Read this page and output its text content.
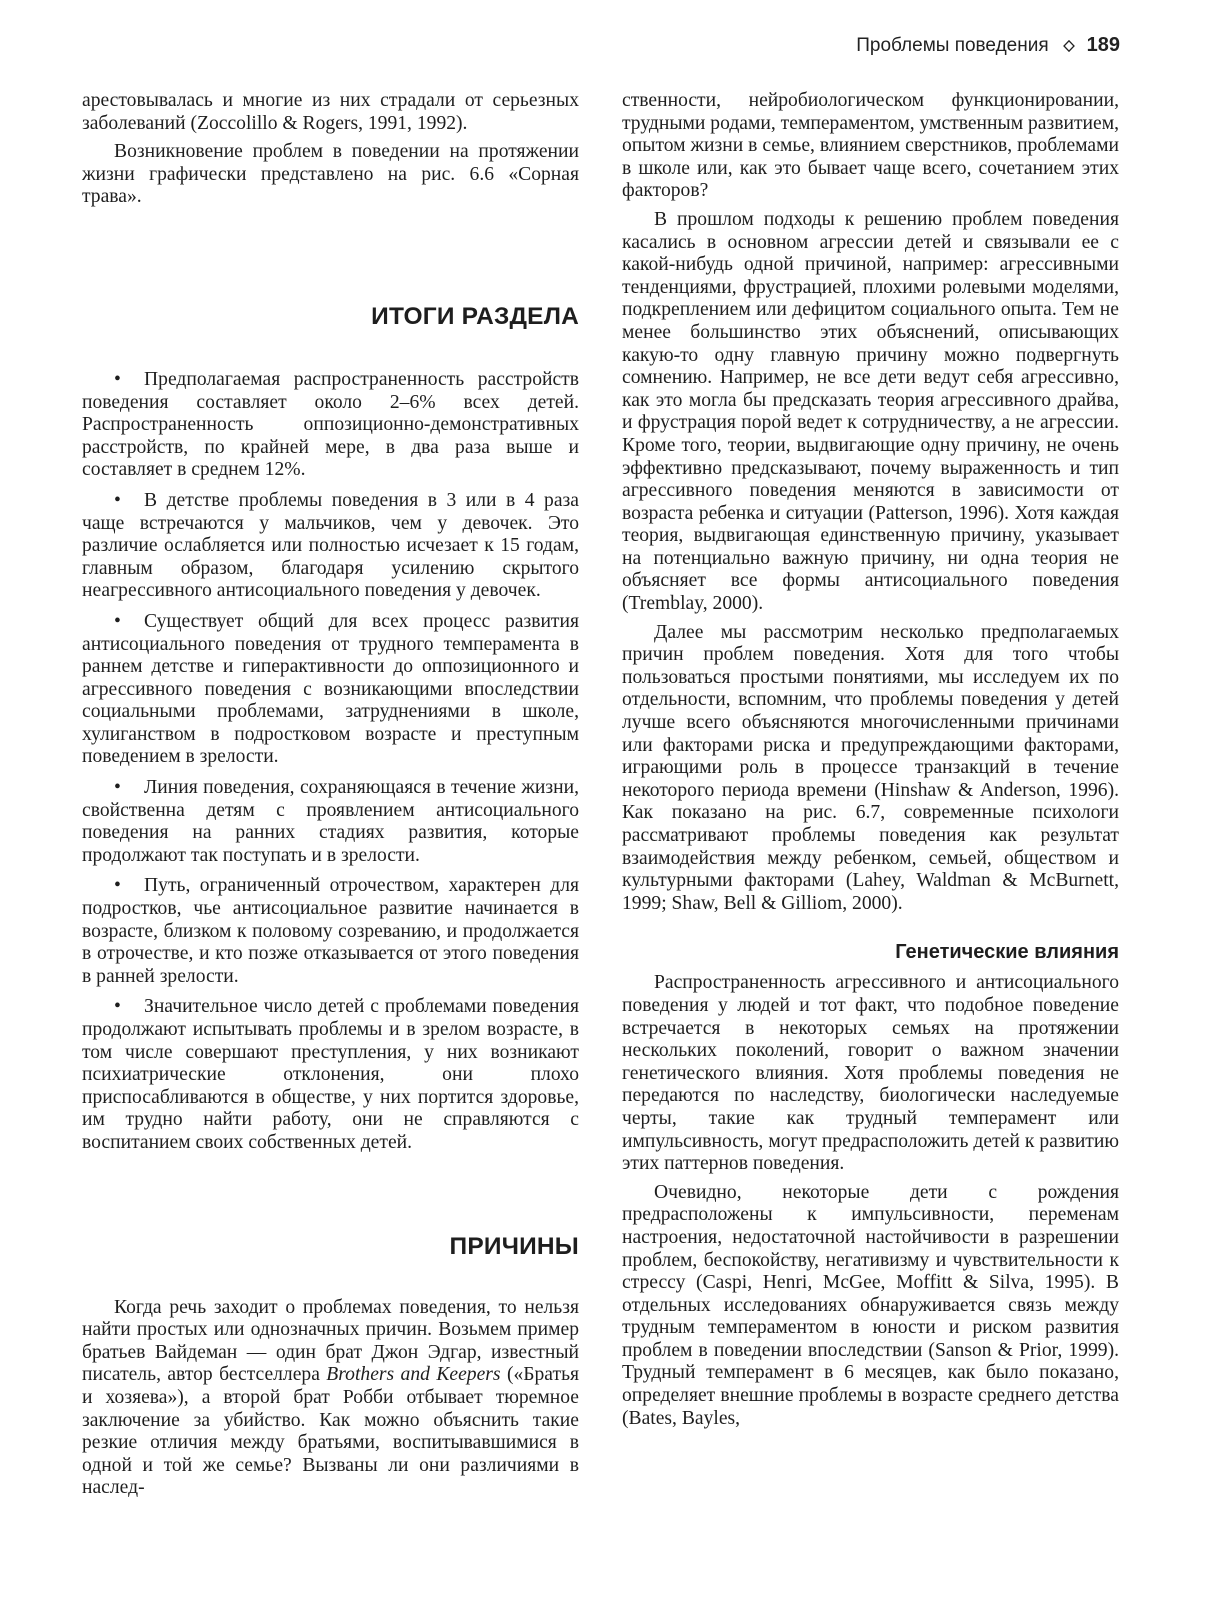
Проблемы поведения 189

арестовывалась и многие из них страдали от серьезных заболеваний (Zoccolillo & Rogers, 1991, 1992).

Возникновение проблем в поведении на протяжении жизни графически представлено на рис. 6.6 «Сорная трава».

ИТОГИ РАЗДЕЛА
• Предполагаемая распространенность расстройств поведения составляет около 2–6% всех детей. Распространенность оппозиционно-демонстративных расстройств, по крайней мере, в два раза выше и составляет в среднем 12%.
• В детстве проблемы поведения в 3 или в 4 раза чаще встречаются у мальчиков, чем у девочек. Это различие ослабляется или полностью исчезает к 15 годам, главным образом, благодаря усилению скрытого неагрессивного антисоциального поведения у девочек.
• Существует общий для всех процесс развития антисоциального поведения от трудного темперамента в раннем детстве и гиперактивности до оппозиционного и агрессивного поведения с возникающими впоследствии социальными проблемами, затруднениями в школе, хулиганством в подростковом возрасте и преступным поведением в зрелости.
• Линия поведения, сохраняющаяся в течение жизни, свойственна детям с проявлением антисоциального поведения на ранних стадиях развития, которые продолжают так поступать и в зрелости.
• Путь, ограниченный отрочеством, характерен для подростков, чье антисоциальное развитие начинается в возрасте, близком к половому созреванию, и продолжается в отрочестве, и кто позже отказывается от этого поведения в ранней зрелости.
• Значительное число детей с проблемами поведения продолжают испытывать проблемы и в зрелом возрасте, в том числе совершают преступления, у них возникают психиатрические отклонения, они плохо приспосабливаются в обществе, у них портится здоровье, им трудно найти работу, они не справляются с воспитанием своих собственных детей.
ПРИЧИНЫ

Когда речь заходит о проблемах поведения, то нельзя найти простых или однозначных причин. Возьмем пример братьев Вайдеман — один брат Джон Эдгар, известный писатель, автор бестселлера Brothers and Keepers («Братья и хозяева»), а второй брат Робби отбывает тюремное заключение за убийство. Как можно объяснить такие резкие отличия между братьями, воспитывавшимися в одной и той же семье? Вызваны ли они различиями в наслед-

ственности, нейробиологическом функционировании, трудными родами, темпераментом, умственным развитием, опытом жизни в семье, влиянием сверстников, проблемами в школе или, как это бывает чаще всего, сочетанием этих факторов?

В прошлом подходы к решению проблем поведения касались в основном агрессии детей и связывали ее с какой-нибудь одной причиной, например: агрессивными тенденциями, фрустрацией, плохими ролевыми моделями, подкреплением или дефицитом социального опыта. Тем не менее большинство этих объяснений, описывающих какую-то одну главную причину можно подвергнуть сомнению. Например, не все дети ведут себя агрессивно, как это могла бы предсказать теория агрессивного драйва, и фрустрация порой ведет к сотрудничеству, а не агрессии. Кроме того, теории, выдвигающие одну причину, не очень эффективно предсказывают, почему выраженность и тип агрессивного поведения меняются в зависимости от возраста ребенка и ситуации (Patterson, 1996). Хотя каждая теория, выдвигающая единственную причину, указывает на потенциально важную причину, ни одна теория не объясняет все формы антисоциального поведения (Tremblay, 2000).

Далее мы рассмотрим несколько предполагаемых причин проблем поведения. Хотя для того чтобы пользоваться простыми понятиями, мы исследуем их по отдельности, вспомним, что проблемы поведения у детей лучше всего объясняются многочисленными причинами или факторами риска и предупреждающими факторами, играющими роль в процессе транзакций в течение некоторого периода времени (Hinshaw & Anderson, 1996). Как показано на рис. 6.7, современные психологи рассматривают проблемы поведения как результат взаимодействия между ребенком, семьей, обществом и культурными факторами (Lahey, Waldman & McBurnett, 1999; Shaw, Bell & Gilliom, 2000).

Генетические влияния

Распространенность агрессивного и антисоциального поведения у людей и тот факт, что подобное поведение встречается в некоторых семьях на протяжении нескольких поколений, говорит о важном значении генетического влияния. Хотя проблемы поведения не передаются по наследству, биологически наследуемые черты, такие как трудный темперамент или импульсивность, могут предрасположить детей к развитию этих паттернов поведения.

Очевидно, некоторые дети с рождения предрасположены к импульсивности, переменам настроения, недостаточной настойчивости в разрешении проблем, беспокойству, негативизму и чувствительности к стрессу (Caspi, Henri, McGee, Moffitt & Silva, 1995). В отдельных исследованиях обнаруживается связь между трудным темпераментом в юности и риском развития проблем в поведении впоследствии (Sanson & Prior, 1999). Трудный темперамент в 6 месяцев, как было показано, определяет внешние проблемы в возрасте среднего детства (Bates, Bayles,
